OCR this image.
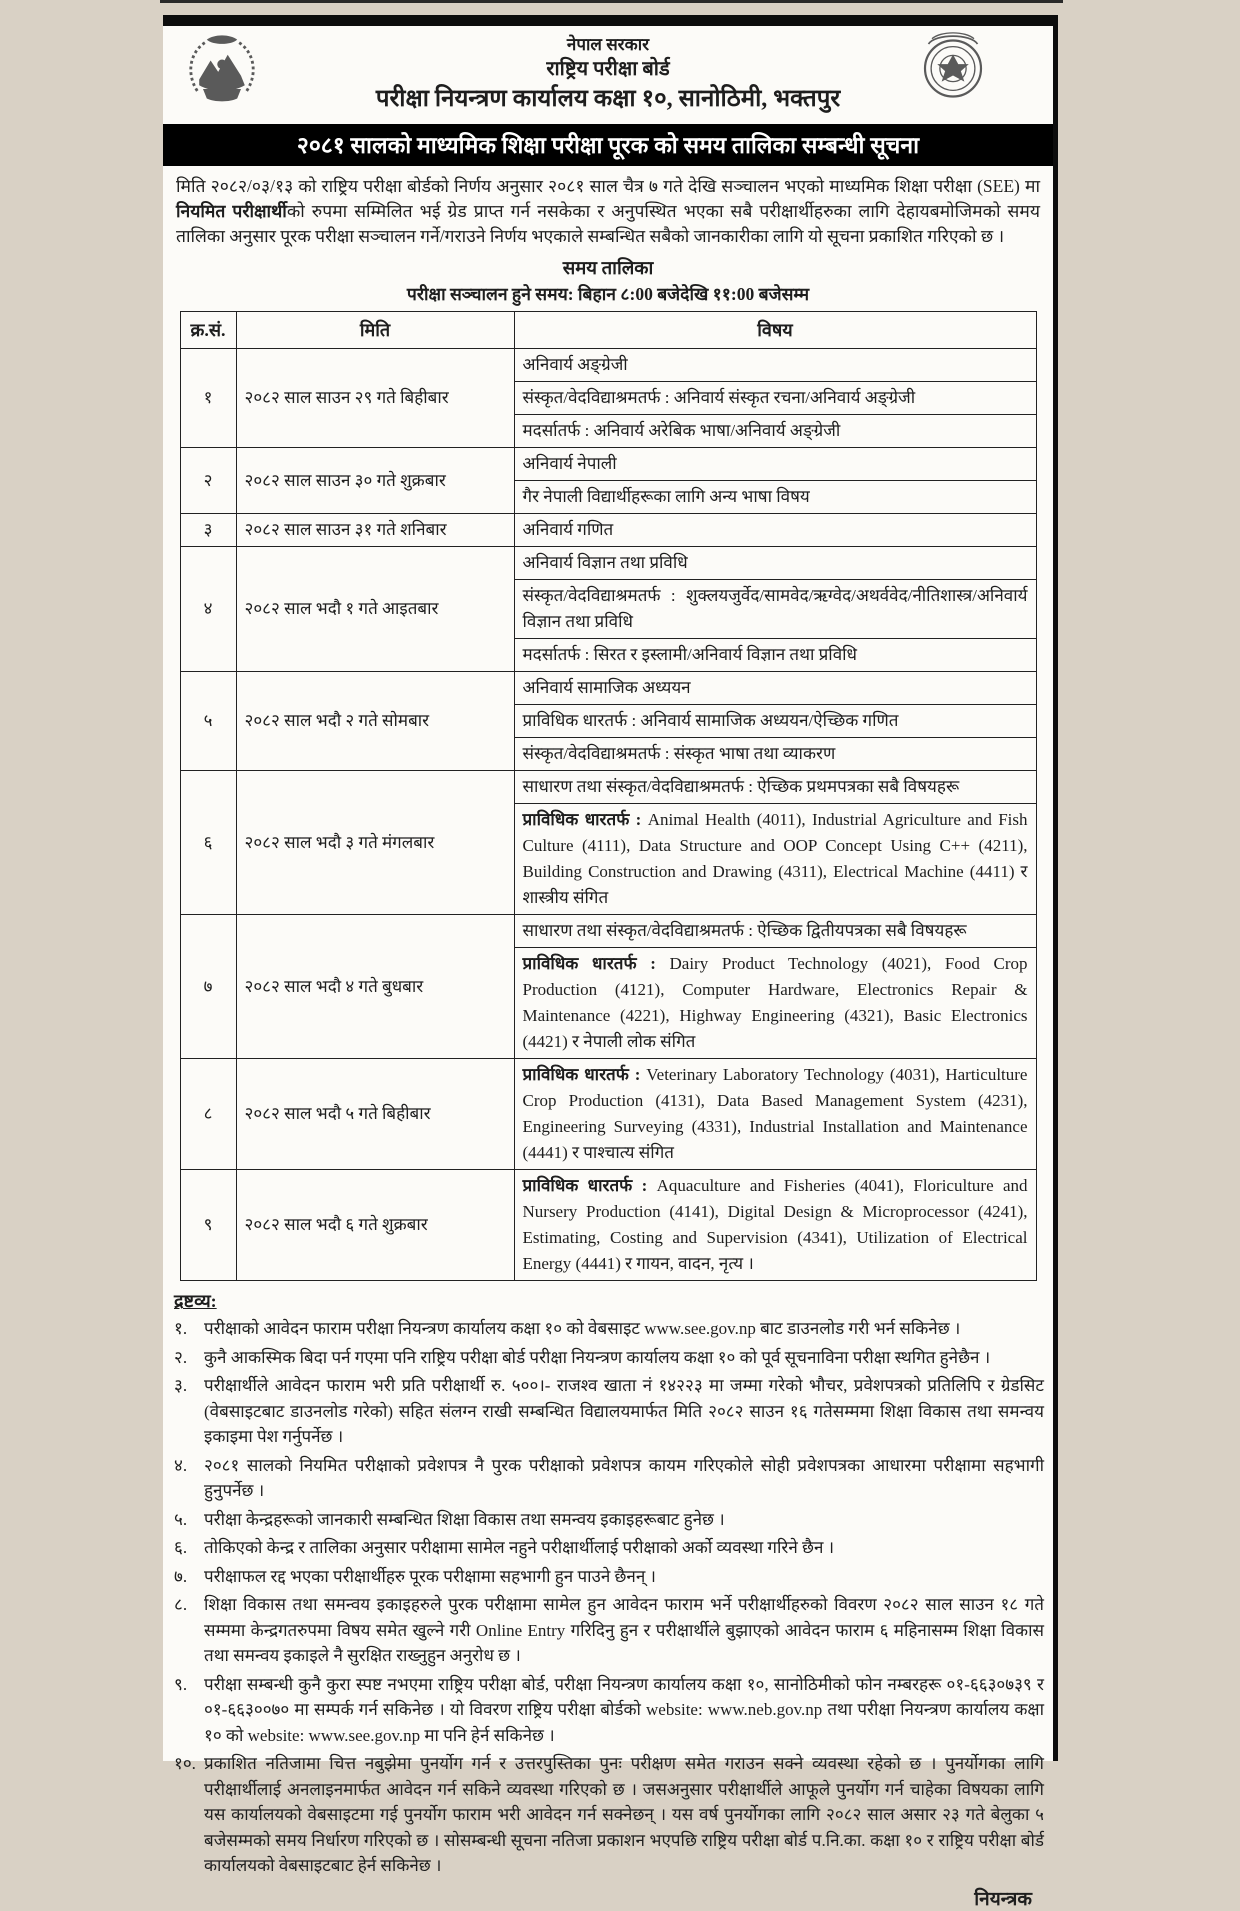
नेपाल सरकार
राष्ट्रिय परीक्षा बोर्ड
परीक्षा नियन्त्रण कार्यालय कक्षा १०, सानोठिमी, भक्तपुर
२०८१ सालको माध्यमिक शिक्षा परीक्षा पूरक को समय तालिका सम्बन्धी सूचना
मिति २०८२/०३/१३ को राष्ट्रिय परीक्षा बोर्डको निर्णय अनुसार २०८१ साल चैत्र ७ गते देखि सञ्चालन भएको माध्यमिक शिक्षा परीक्षा (SEE) मा नियमित परीक्षार्थीको रुपमा सम्मिलित भई ग्रेड प्राप्त गर्न नसकेका र अनुपस्थित भएका सबै परीक्षार्थीहरुका लागि देहायबमोजिमको समय तालिका अनुसार पूरक परीक्षा सञ्चालन गर्ने/गराउने निर्णय भएकाले सम्बन्धित सबैको जानकारीका लागि यो सूचना प्रकाशित गरिएको छ ।
समय तालिका
परीक्षा सञ्चालन हुने समय: बिहान ८:00 बजेदेखि ११:00 बजेसम्म
क्र.सं.	मिति	विषय
१	२०८२ साल साउन २९ गते बिहीबार	अनिवार्य अङ्ग्रेजी
		संस्कृत/वेदविद्याश्रमतर्फ : अनिवार्य संस्कृत रचना/अनिवार्य अङ्ग्रेजी
		मदर्सातर्फ : अनिवार्य अरेबिक भाषा/अनिवार्य अङ्ग्रेजी
२	२०८२ साल साउन ३० गते शुक्रबार	अनिवार्य नेपाली
		गैर नेपाली विद्यार्थीहरूका लागि अन्य भाषा विषय
३	२०८२ साल साउन ३१ गते शनिबार	अनिवार्य गणित
४	२०८२ साल भदौ १ गते आइतबार	अनिवार्य विज्ञान तथा प्रविधि
		संस्कृत/वेदविद्याश्रमतर्फ : शुक्लयजुर्वेद/सामवेद/ऋग्वेद/अथर्ववेद/नीतिशास्त्र/अनिवार्य विज्ञान तथा प्रविधि
		मदर्सातर्फ : सिरत र इस्लामी/अनिवार्य विज्ञान तथा प्रविधि
५	२०८२ साल भदौ २ गते सोमबार	अनिवार्य सामाजिक अध्ययन
		प्राविधिक धारतर्फ : अनिवार्य सामाजिक अध्ययन/ऐच्छिक गणित
		संस्कृत/वेदविद्याश्रमतर्फ : संस्कृत भाषा तथा व्याकरण
६	२०८२ साल भदौ ३ गते मंगलबार	साधारण तथा संस्कृत/वेदविद्याश्रमतर्फ : ऐच्छिक प्रथमपत्रका सबै विषयहरू
		प्राविधिक धारतर्फ : Animal Health (4011), Industrial Agriculture and Fish Culture (4111), Data Structure and OOP Concept Using C++ (4211), Building Construction and Drawing (4311), Electrical Machine (4411) र शास्त्रीय संगित
७	२०८२ साल भदौ ४ गते बुधबार	साधारण तथा संस्कृत/वेदविद्याश्रमतर्फ : ऐच्छिक द्वितीयपत्रका सबै विषयहरू
		प्राविधिक धारतर्फ : Dairy Product Technology (4021), Food Crop Production (4121), Computer Hardware, Electronics Repair & Maintenance (4221), Highway Engineering (4321), Basic Electronics (4421) र नेपाली लोक संगित
८	२०८२ साल भदौ ५ गते बिहीबार	प्राविधिक धारतर्फ : Veterinary Laboratory Technology (4031), Harticulture Crop Production (4131), Data Based Management System (4231), Engineering Surveying (4331), Industrial Installation and Maintenance (4441) र पाश्चात्य संगित
९	२०८२ साल भदौ ६ गते शुक्रबार	प्राविधिक धारतर्फ : Aquaculture and Fisheries (4041), Floriculture and Nursery Production (4141), Digital Design & Microprocessor (4241), Estimating, Costing and Supervision (4341), Utilization of Electrical Energy (4441) र गायन, वादन, नृत्य ।
द्रष्टव्य:
१. परीक्षाको आवेदन फाराम परीक्षा नियन्त्रण कार्यालय कक्षा १० को वेबसाइट www.see.gov.np बाट डाउनलोड गरी भर्न सकिनेछ ।
२. कुनै आकस्मिक बिदा पर्न गएमा पनि राष्ट्रिय परीक्षा बोर्ड परीक्षा नियन्त्रण कार्यालय कक्षा १० को पूर्व सूचनाविना परीक्षा स्थगित हुनेछैन ।
३. परीक्षार्थीले आवेदन फाराम भरी प्रति परीक्षार्थी रु. ५००।- राजश्व खाता नं १४२२३ मा जम्मा गरेको भौचर, प्रवेशपत्रको प्रतिलिपि र ग्रेडसिट (वेबसाइटबाट डाउनलोड गरेको) सहित संलग्न राखी सम्बन्धित विद्यालयमार्फत मिति २०८२ साउन १६ गतेसम्ममा शिक्षा विकास तथा समन्वय इकाइमा पेश गर्नुपर्नेछ ।
४. २०८१ सालको नियमित परीक्षाको प्रवेशपत्र नै पुरक परीक्षाको प्रवेशपत्र कायम गरिएकोले सोही प्रवेशपत्रका आधारमा परीक्षामा सहभागी हुनुपर्नेछ ।
५. परीक्षा केन्द्रहरूको जानकारी सम्बन्धित शिक्षा विकास तथा समन्वय इकाइहरूबाट हुनेछ ।
६. तोकिएको केन्द्र र तालिका अनुसार परीक्षामा सामेल नहुने परीक्षार्थीलाई परीक्षाको अर्को व्यवस्था गरिने छैन ।
७. परीक्षाफल रद्द भएका परीक्षार्थीहरु पूरक परीक्षामा सहभागी हुन पाउने छैनन् ।
८. शिक्षा विकास तथा समन्वय इकाइहरुले पुरक परीक्षामा सामेल हुन आवेदन फाराम भर्ने परीक्षार्थीहरुको विवरण २०८२ साल साउन १८ गते सम्ममा केन्द्रगतरुपमा विषय समेत खुल्ने गरी Online Entry गरिदिनु हुन र परीक्षार्थीले बुझाएको आवेदन फाराम ६ महिनासम्म शिक्षा विकास तथा समन्वय इकाइले नै सुरक्षित राख्नुहुन अनुरोध छ ।
९. परीक्षा सम्बन्धी कुनै कुरा स्पष्ट नभएमा राष्ट्रिय परीक्षा बोर्ड, परीक्षा नियन्त्रण कार्यालय कक्षा १०, सानोठिमीको फोन नम्बरहरू ०१-६६३०७३९ र ०१-६६३००७० मा सम्पर्क गर्न सकिनेछ । यो विवरण राष्ट्रिय परीक्षा बोर्डको website: www.neb.gov.np तथा परीक्षा नियन्त्रण कार्यालय कक्षा १० को website: www.see.gov.np मा पनि हेर्न सकिनेछ ।
१०. प्रकाशित नतिजामा चित्त नबुझेमा पुनर्योग गर्न र उत्तरपुस्तिका पुनः परीक्षण समेत गराउन सक्ने व्यवस्था रहेको छ । पुनर्योगका लागि परीक्षार्थीलाई अनलाइनमार्फत आवेदन गर्न सकिने व्यवस्था गरिएको छ । जसअनुसार परीक्षार्थीले आफूले पुनर्योग गर्न चाहेका विषयका लागि यस कार्यालयको वेबसाइटमा गई पुनर्योग फाराम भरी आवेदन गर्न सक्नेछन् । यस वर्ष पुनर्योगका लागि २०८२ साल असार २३ गते बेलुका ५ बजेसम्मको समय निर्धारण गरिएको छ । सोसम्बन्धी सूचना नतिजा प्रकाशन भएपछि राष्ट्रिय परीक्षा बोर्ड प.नि.का. कक्षा १० र राष्ट्रिय परीक्षा बोर्ड कार्यालयको वेबसाइटबाट हेर्न सकिनेछ ।
नियन्त्रक
